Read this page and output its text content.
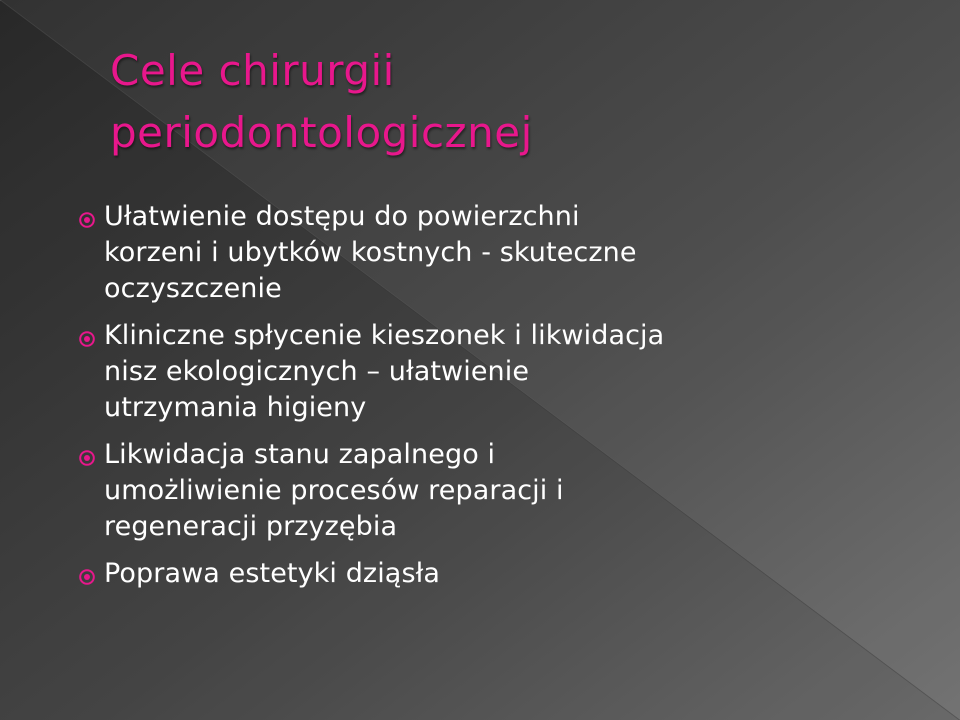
Cele chirurgii
periodontologicznej
Ułatwienie dostępu do powierzchni
korzeni i ubytków kostnych - skuteczne
oczyszczenie
Kliniczne spłycenie kieszonek i likwidacja
nisz ekologicznych – ułatwienie
utrzymania higieny
Likwidacja stanu zapalnego i
umożliwienie procesów reparacji i
regeneracji przyzębia
Poprawa estetyki dziąsła
